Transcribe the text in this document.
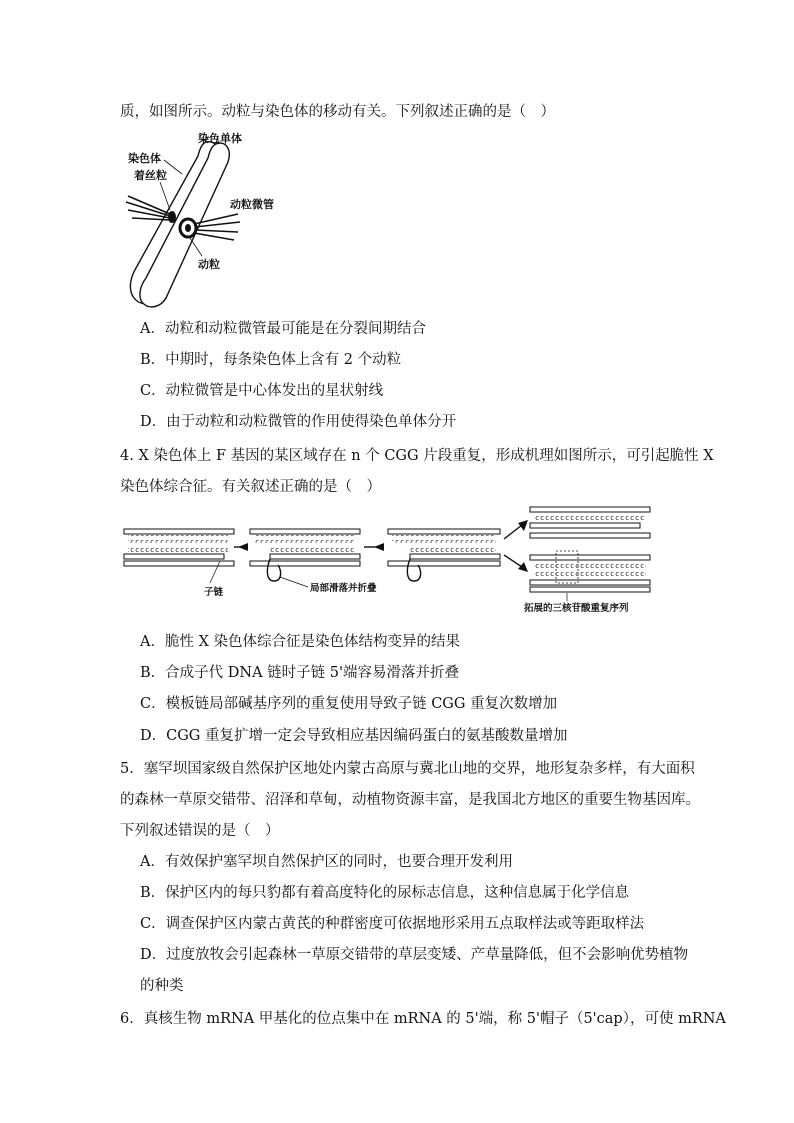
质，如图所示。动粒与染色体的移动有关。下列叙述正确的是（　）
染色单体
染色体
着丝粒
动粒微管
动粒
A．动粒和动粒微管最可能是在分裂间期结合
B．中期时，每条染色体上含有 2 个动粒
C．动粒微管是中心体发出的星状射线
D．由于动粒和动粒微管的作用使得染色单体分开
4. X 染色体上 F 基因的某区域存在 n 个 CGG 片段重复，形成机理如图所示，可引起脆性 X
染色体综合征。有关叙述正确的是（　）
子链	局部滑落并折叠
拓展的三核苷酸重复序列
A．脆性 X 染色体综合征是染色体结构变异的结果
B．合成子代 DNA 链时子链 5'端容易滑落并折叠
C．模板链局部碱基序列的重复使用导致子链 CGG 重复次数增加
D．CGG 重复扩增一定会导致相应基因编码蛋白的氨基酸数量增加
5．塞罕坝国家级自然保护区地处内蒙古高原与冀北山地的交界，地形复杂多样，有大面积
的森林一草原交错带、沼泽和草甸，动植物资源丰富，是我国北方地区的重要生物基因库。
下列叙述错误的是（　）
A．有效保护塞罕坝自然保护区的同时，也要合理开发利用
B．保护区内的每只豹都有着高度特化的尿标志信息，这种信息属于化学信息
C．调查保护区内蒙古黄芪的种群密度可依据地形采用五点取样法或等距取样法
D．过度放牧会引起森林一草原交错带的草层变矮、产草量降低，但不会影响优势植物
的种类
6．真核生物 mRNA 甲基化的位点集中在 mRNA 的 5'端，称 5'帽子（5'cap），可使 mRNA
